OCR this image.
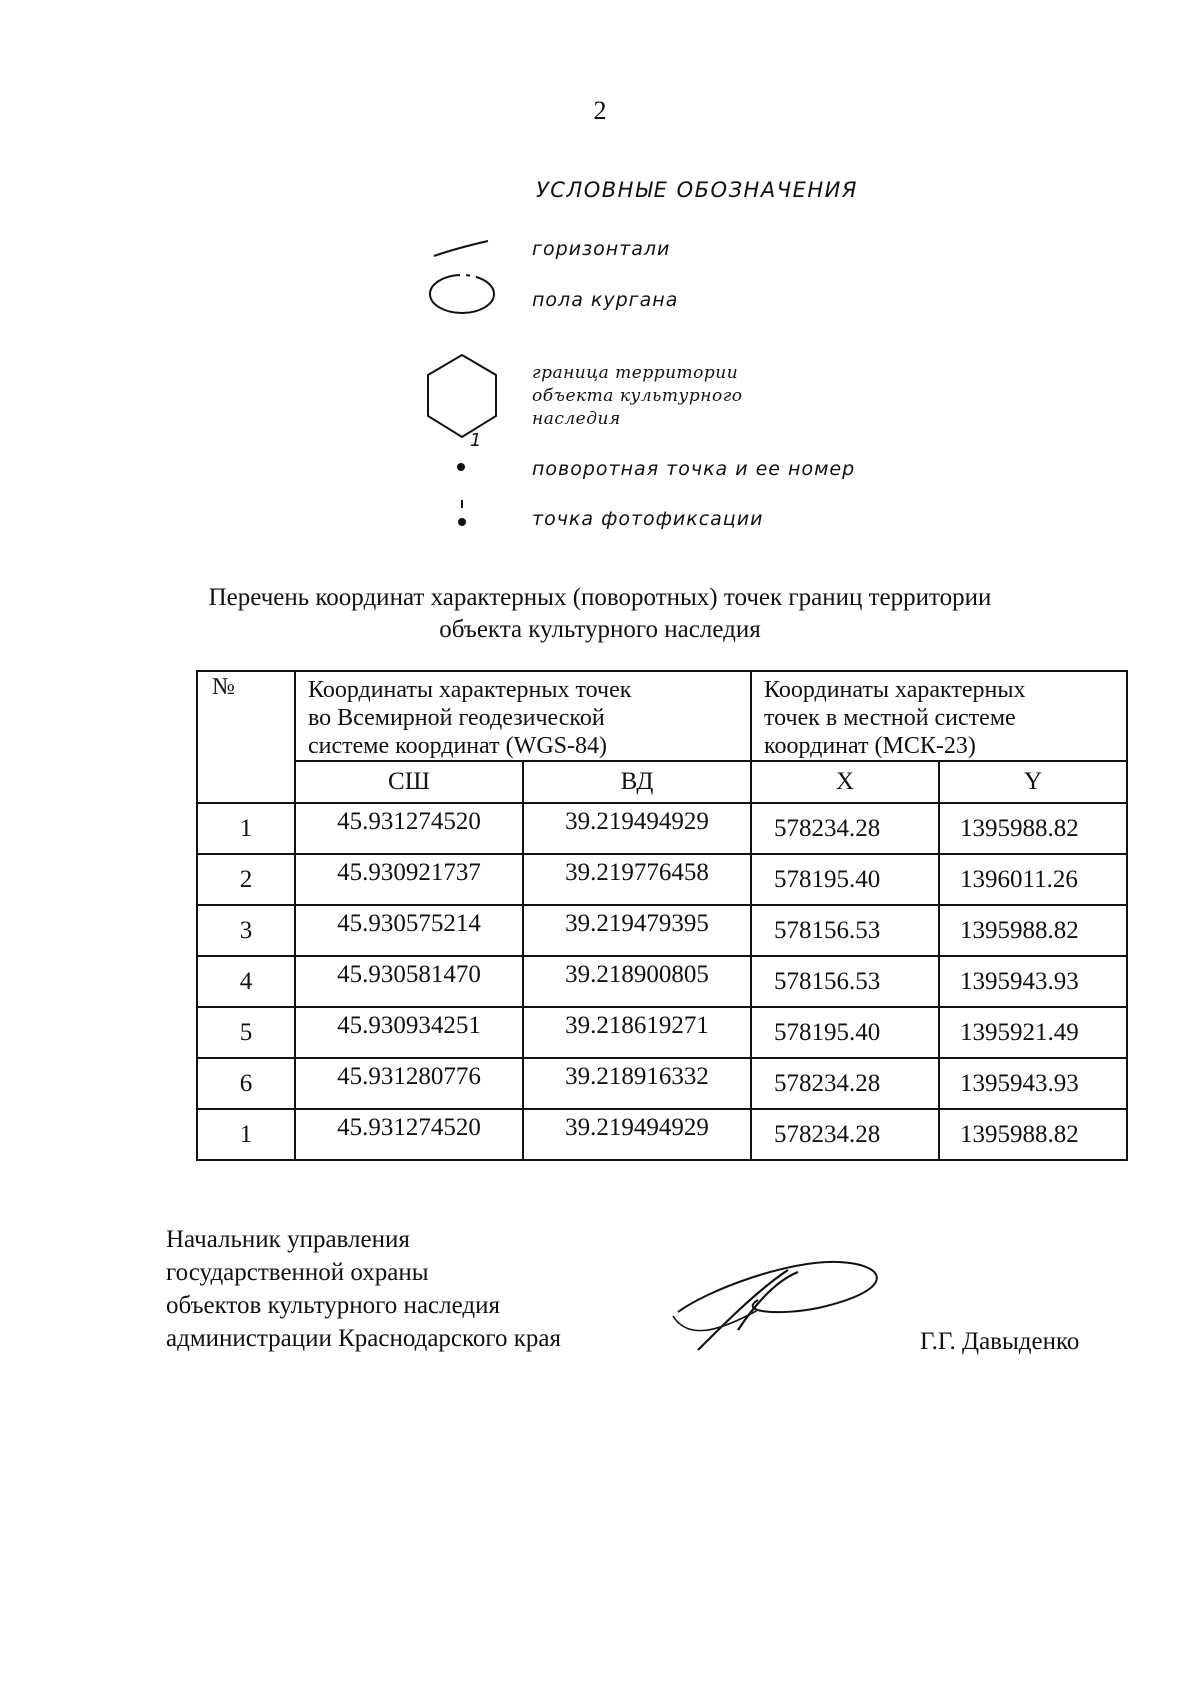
2
УСЛОВНЫЕ ОБОЗНАЧЕНИЯ
горизонтали
пола кургана
граница территории
объекта культурного
наследия
1
поворотная точка и ее номер
точка фотофиксации
Перечень координат характерных (поворотных) точек границ территории
объекта культурного наследия
№	Координаты характерных точек
во Всемирной геодезической
системе координат (WGS-84)		Координаты характерных
точек в местной системе
координат (МСК-23)	

	СШ	ВД	X	Y
1	45.931274520	39.219494929	578234.28	1395988.82
2	45.930921737	39.219776458	578195.40	1396011.26
3	45.930575214	39.219479395	578156.53	1395988.82
4	45.930581470	39.218900805	578156.53	1395943.93
5	45.930934251	39.218619271	578195.40	1395921.49
6	45.931280776	39.218916332	578234.28	1395943.93
1	45.931274520	39.219494929	578234.28	1395988.82
Начальник управления
государственной охраны
объектов культурного наследия
администрации Краснодарского края	Г.Г. Давыденко
